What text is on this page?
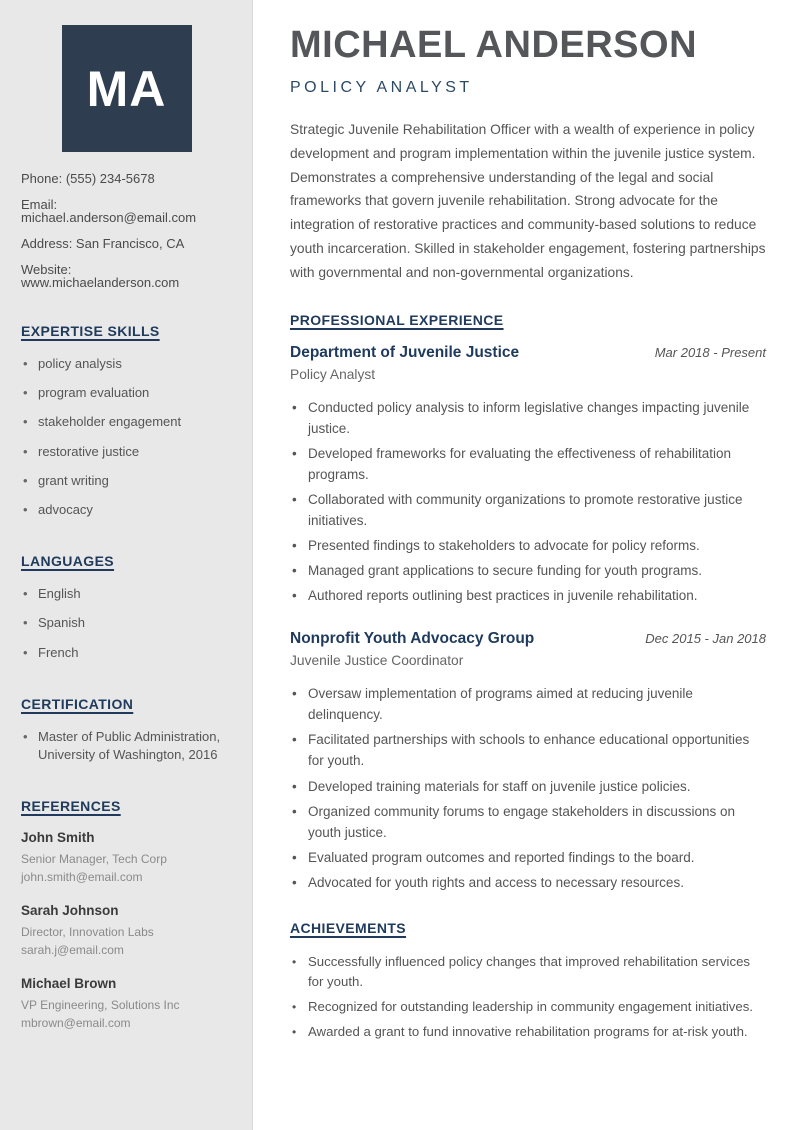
MA
Phone: (555) 234-5678
Email: michael.anderson@email.com
Address: San Francisco, CA
Website: www.michaelanderson.com
EXPERTISE SKILLS
• policy analysis
• program evaluation
• stakeholder engagement
• restorative justice
• grant writing
• advocacy
LANGUAGES
• English
• Spanish
• French
CERTIFICATION
• Master of Public Administration, University of Washington, 2016
REFERENCES
John Smith
Senior Manager, Tech Corp
john.smith@email.com
Sarah Johnson
Director, Innovation Labs
sarah.j@email.com
Michael Brown
VP Engineering, Solutions Inc
mbrown@email.com
MICHAEL ANDERSON
POLICY ANALYST

Strategic Juvenile Rehabilitation Officer with a wealth of experience in policy development and program implementation within the juvenile justice system. Demonstrates a comprehensive understanding of the legal and social frameworks that govern juvenile rehabilitation. Strong advocate for the integration of restorative practices and community-based solutions to reduce youth incarceration. Skilled in stakeholder engagement, fostering partnerships with governmental and non-governmental organizations.

PROFESSIONAL EXPERIENCE
Department of Juvenile Justice	Mar 2018 - Present
Policy Analyst
• Conducted policy analysis to inform legislative changes impacting juvenile justice.
• Developed frameworks for evaluating the effectiveness of rehabilitation programs.
• Collaborated with community organizations to promote restorative justice initiatives.
• Presented findings to stakeholders to advocate for policy reforms.
• Managed grant applications to secure funding for youth programs.
• Authored reports outlining best practices in juvenile rehabilitation.
Nonprofit Youth Advocacy Group	Dec 2015 - Jan 2018
Juvenile Justice Coordinator
• Oversaw implementation of programs aimed at reducing juvenile delinquency.
• Facilitated partnerships with schools to enhance educational opportunities for youth.
• Developed training materials for staff on juvenile justice policies.
• Organized community forums to engage stakeholders in discussions on youth justice.
• Evaluated program outcomes and reported findings to the board.
• Advocated for youth rights and access to necessary resources.
ACHIEVEMENTS
• Successfully influenced policy changes that improved rehabilitation services for youth.
• Recognized for outstanding leadership in community engagement initiatives.
• Awarded a grant to fund innovative rehabilitation programs for at-risk youth.
